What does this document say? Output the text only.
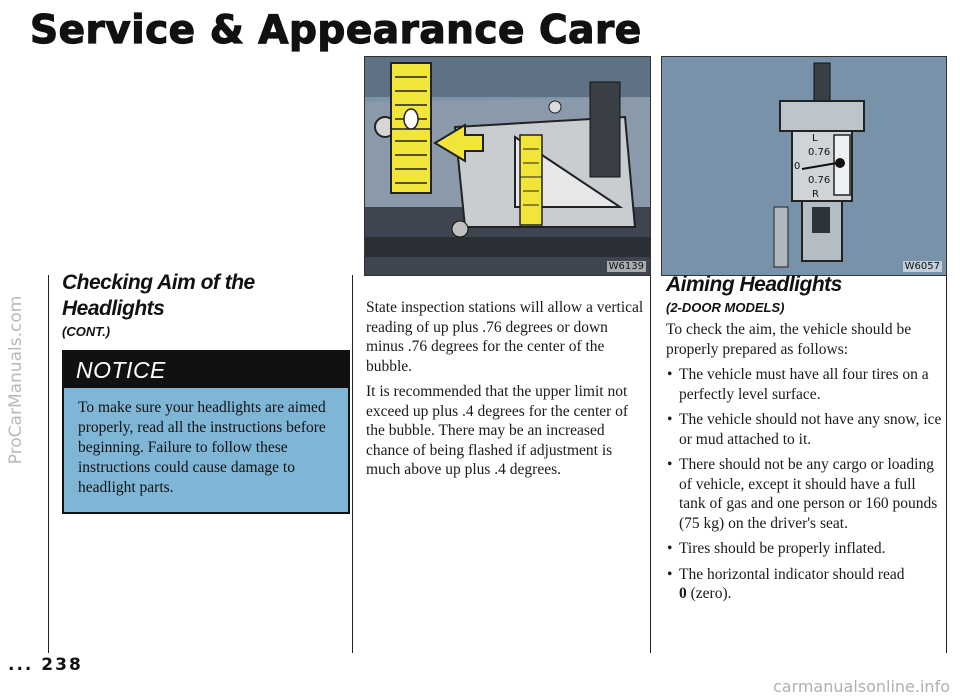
Service & Appearance Care
ProCarManuals.com
W6139
L
0.76
0
0.76
R
W6057
Checking Aim of the Headlights
(CONT.)
NOTICE
To make sure your headlights are aimed properly, read all the instructions before beginning. Failure to follow these instructions could cause damage to headlight parts.

State inspection stations will allow a vertical reading of up plus .76 degrees or down minus .76 degrees for the center of the bubble.

It is recommended that the upper limit not exceed up plus .4 degrees for the center of the bubble. There may be an increased chance of being flashed if adjustment is much above up plus .4 degrees.

Aiming Headlights
(2-DOOR MODELS)

To check the aim, the vehicle should be properly prepared as follows:

• The vehicle must have all four tires on a perfectly level surface.
• The vehicle should not have any snow, ice or mud attached to it.
• There should not be any cargo or loading of vehicle, except it should have a full tank of gas and one person or 160 pounds (75 kg) on the driver's seat.
• Tires should be properly inflated.
• The horizontal indicator should read
0 (zero).
... 238
carmanualsonline.info
